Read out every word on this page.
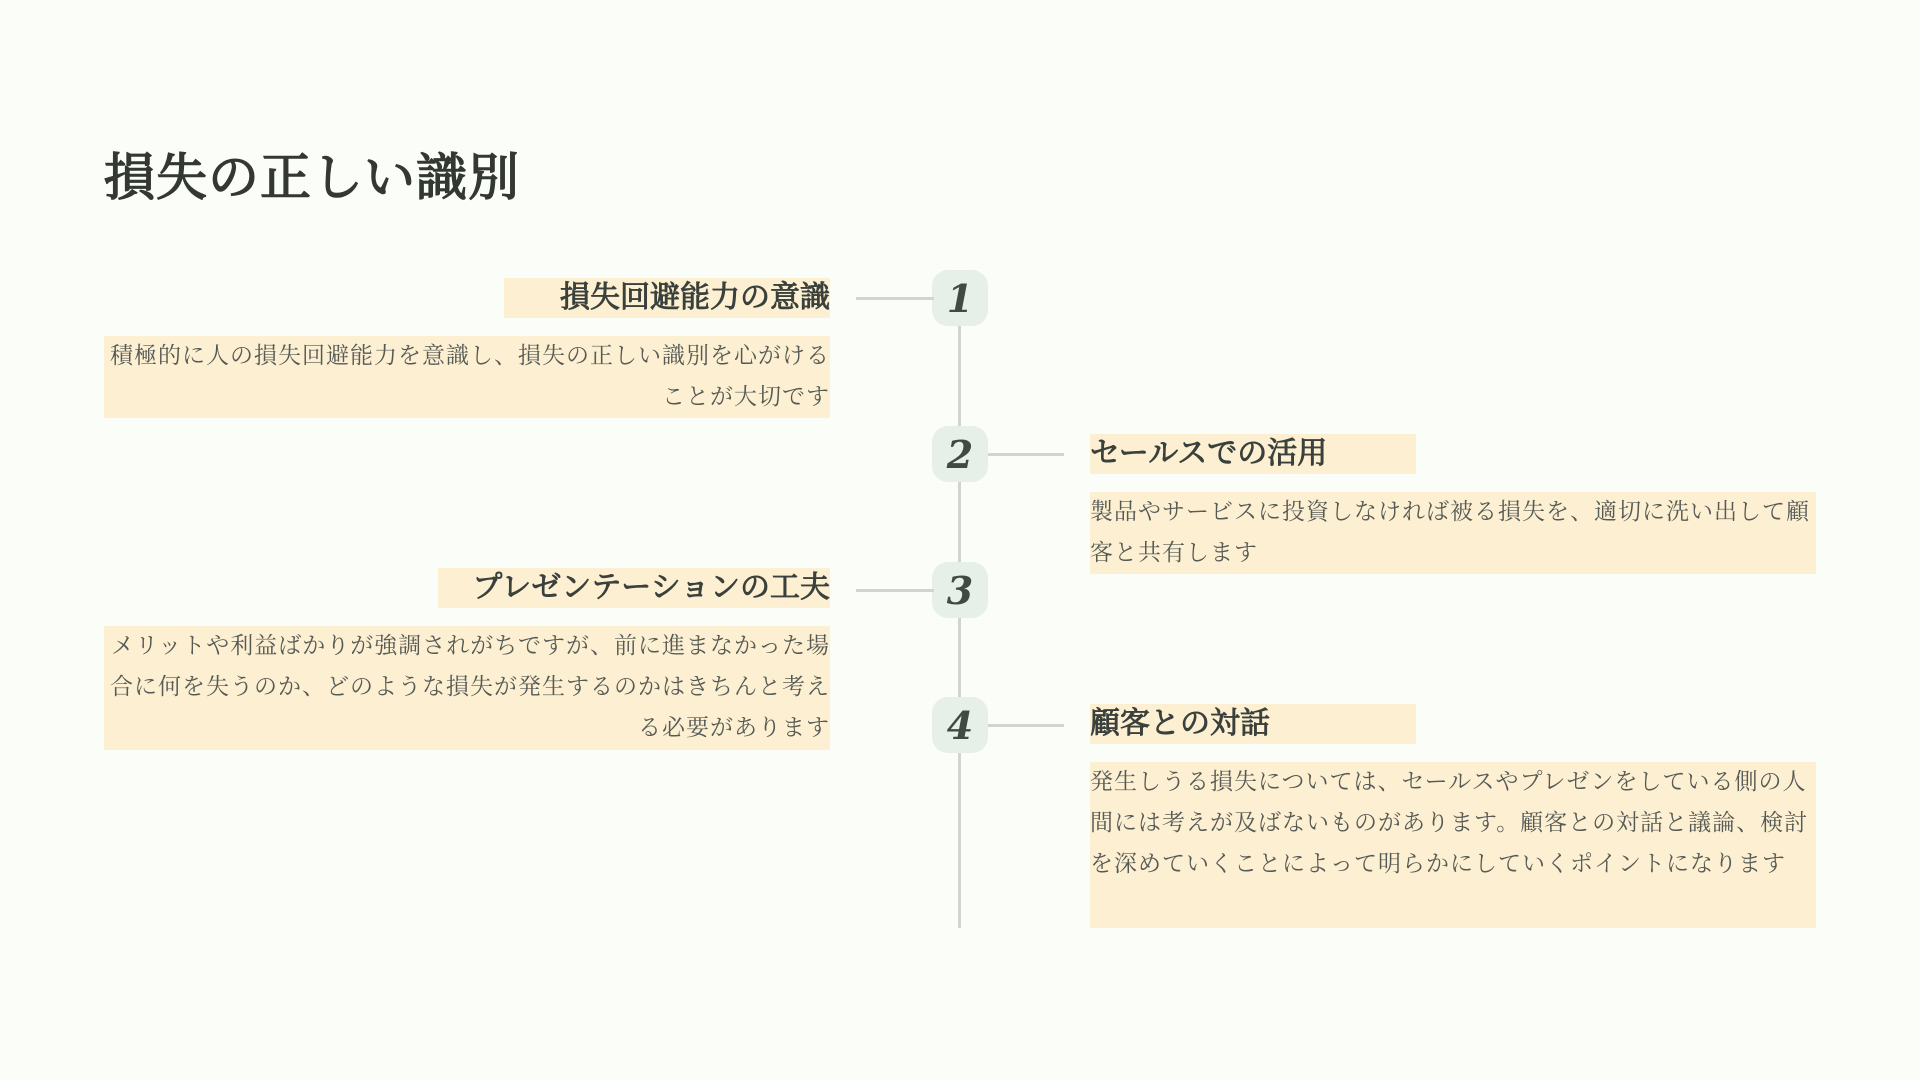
損失の正しい識別
1
損失回避能力の意識
積極的に人の損失回避能力を意識し、損失の正しい識別を心がけることが大切です
2	セールスでの活用
製品やサービスに投資しなければ被る損失を、適切に洗い出して顧客と共有します
3
プレゼンテーションの工夫
メリットや利益ばかりが強調されがちですが、前に進まなかった場合に何を失うのか、どのような損失が発生するのかはきちんと考える必要があります	4	顧客との対話
発生しうる損失については、セールスやプレゼンをしている側の人間には考えが及ばないものがあります。顧客との対話と議論、検討を深めていくことによって明らかにしていくポイントになります
